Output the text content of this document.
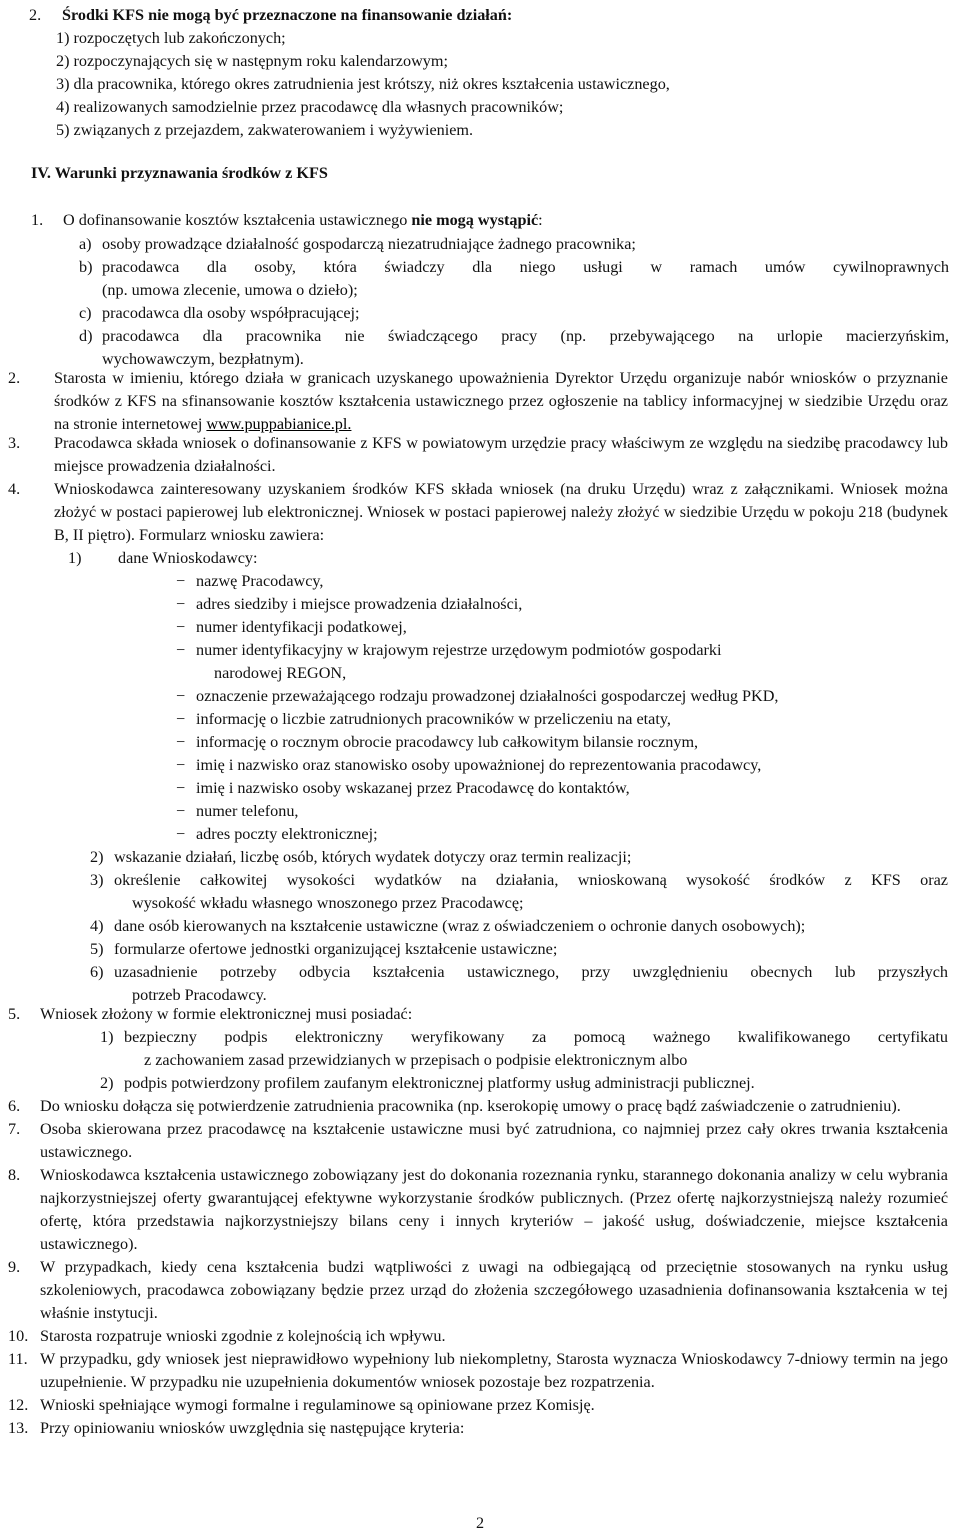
2.	Środki KFS nie mogą być przeznaczone na finansowanie działań:
1) rozpoczętych lub zakończonych;
2) rozpoczynających się w następnym roku kalendarzowym;
3) dla pracownika, którego okres zatrudnienia jest krótszy, niż okres kształcenia ustawicznego,
4) realizowanych samodzielnie przez pracodawcę dla własnych pracowników;
5) związanych z przejazdem, zakwaterowaniem i wyżywieniem.
IV. Warunki przyznawania środków z KFS
1.	O dofinansowanie kosztów kształcenia ustawicznego nie mogą wystąpić:
a) osoby prowadzące działalność gospodarczą niezatrudniające żadnego pracownika;
b) pracodawca dla osoby, która świadczy dla niego usługi w ramach umów cywilnoprawnych
(np. umowa zlecenie, umowa o dzieło);
c) pracodawca dla osoby współpracującej;
d) pracodawca dla pracownika nie świadczącego pracy (np. przebywającego na urlopie macierzyńskim,
wychowawczym, bezpłatnym).
2.	Starosta w imieniu, którego działa w granicach uzyskanego upoważnienia Dyrektor Urzędu organizuje nabór wniosków o przyznanie środków z KFS na sfinansowanie kosztów kształcenia ustawicznego przez ogłoszenie na tablicy informacyjnej w siedzibie Urzędu oraz na stronie internetowej www.puppabianice.pl.
3.	Pracodawca składa wniosek o dofinansowanie z KFS w powiatowym urzędzie pracy właściwym ze względu na siedzibę pracodawcy lub miejsce prowadzenia działalności.
4.	Wnioskodawca zainteresowany uzyskaniem środków KFS składa wniosek (na druku Urzędu) wraz z załącznikami. Wniosek można złożyć w postaci papierowej lub elektronicznej. Wniosek w postaci papierowej należy złożyć w siedzibie Urzędu w pokoju 218 (budynek B, II piętro). Formularz wniosku zawiera:
1)	dane Wnioskodawcy:
− nazwę Pracodawcy,
− adres siedziby i miejsce prowadzenia działalności,
− numer identyfikacji podatkowej,
− numer identyfikacyjny w krajowym rejestrze urzędowym podmiotów gospodarki
narodowej REGON,
− oznaczenie przeważającego rodzaju prowadzonej działalności gospodarczej według PKD,
− informację o liczbie zatrudnionych pracowników w przeliczeniu na etaty,
− informację o rocznym obrocie pracodawcy lub całkowitym bilansie rocznym,
− imię i nazwisko oraz stanowisko osoby upoważnionej do reprezentowania pracodawcy,
− imię i nazwisko osoby wskazanej przez Pracodawcę do kontaktów,
− numer telefonu,
− adres poczty elektronicznej;
2) wskazanie działań, liczbę osób, których wydatek dotyczy oraz termin realizacji;
3) określenie całkowitej wysokości wydatków na działania, wnioskowaną wysokość środków z KFS oraz
wysokość wkładu własnego wnoszonego przez Pracodawcę;
4) dane osób kierowanych na kształcenie ustawiczne (wraz z oświadczeniem o ochronie danych osobowych);
5) formularze ofertowe jednostki organizującej kształcenie ustawiczne;
6) uzasadnienie potrzeby odbycia kształcenia ustawicznego, przy uwzględnieniu obecnych lub przyszłych
potrzeb Pracodawcy.
5.	Wniosek złożony w formie elektronicznej musi posiadać:
1) bezpieczny podpis elektroniczny weryfikowany za pomocą ważnego kwalifikowanego certyfikatu
z zachowaniem zasad przewidzianych w przepisach o podpisie elektronicznym albo
2) podpis potwierdzony profilem zaufanym elektronicznej platformy usług administracji publicznej.
6.	Do wniosku dołącza się potwierdzenie zatrudnienia pracownika (np. kserokopię umowy o pracę bądź zaświadczenie o zatrudnieniu).
7.	Osoba skierowana przez pracodawcę na kształcenie ustawiczne musi być zatrudniona, co najmniej przez cały okres trwania kształcenia ustawicznego.
8.	Wnioskodawca kształcenia ustawicznego zobowiązany jest do dokonania rozeznania rynku, starannego dokonania analizy w celu wybrania najkorzystniejszej oferty gwarantującej efektywne wykorzystanie środków publicznych. (Przez ofertę najkorzystniejszą należy rozumieć ofertę, która przedstawia najkorzystniejszy bilans ceny i innych kryteriów – jakość usług, doświadczenie, miejsce kształcenia ustawicznego).
9.	W przypadkach, kiedy cena kształcenia budzi wątpliwości z uwagi na odbiegającą od przeciętnie stosowanych na rynku usług szkoleniowych, pracodawca zobowiązany będzie przez urząd do złożenia szczegółowego uzasadnienia dofinansowania kształcenia w tej właśnie instytucji.
10. Starosta rozpatruje wnioski zgodnie z kolejnością ich wpływu.
11. W przypadku, gdy wniosek jest nieprawidłowo wypełniony lub niekompletny, Starosta wyznacza Wnioskodawcy 7-dniowy termin na jego uzupełnienie. W przypadku nie uzupełnienia dokumentów wniosek pozostaje bez rozpatrzenia.
12. Wnioski spełniające wymogi formalne i regulaminowe są opiniowane przez Komisję.
13. Przy opiniowaniu wniosków uwzględnia się następujące kryteria:
2
